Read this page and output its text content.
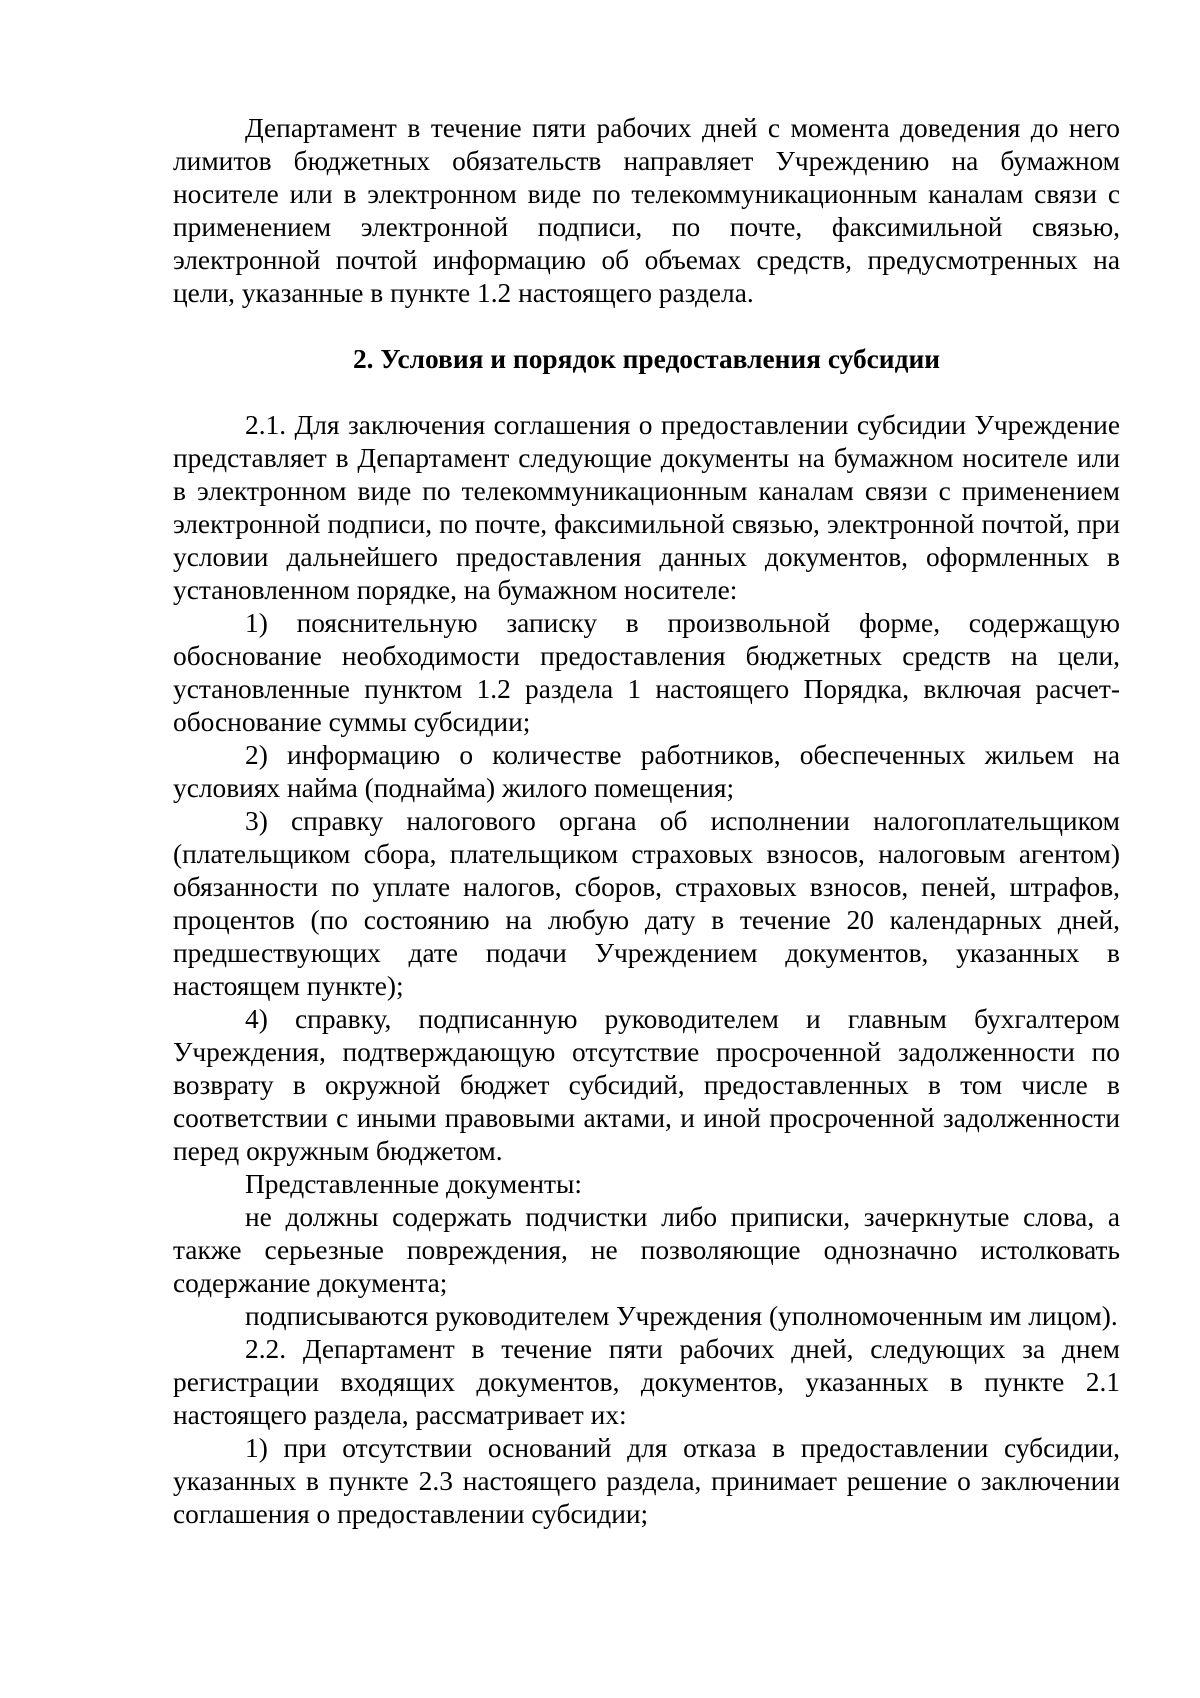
Департамент в течение пяти рабочих дней с момента доведения до него лимитов бюджетных обязательств направляет Учреждению на бумажном носителе или в электронном виде по телекоммуникационным каналам связи с применением электронной подписи, по почте, факсимильной связью, электронной почтой информацию об объемах средств, предусмотренных на цели, указанные в пункте 1.2 настоящего раздела.

2. Условия и порядок предоставления субсидии

2.1. Для заключения соглашения о предоставлении субсидии Учреждение представляет в Департамент следующие документы на бумажном носителе или в электронном виде по телекоммуникационным каналам связи с применением электронной подписи, по почте, факсимильной связью, электронной почтой, при условии дальнейшего предоставления данных документов, оформленных в установленном порядке, на бумажном носителе:

1) пояснительную записку в произвольной форме, содержащую обоснование необходимости предоставления бюджетных средств на цели, установленные пунктом 1.2 раздела 1 настоящего Порядка, включая расчет-обоснование суммы субсидии;

2) информацию о количестве работников, обеспеченных жильем на условиях найма (поднайма) жилого помещения;

3) справку налогового органа об исполнении налогоплательщиком (плательщиком сбора, плательщиком страховых взносов, налоговым агентом) обязанности по уплате налогов, сборов, страховых взносов, пеней, штрафов, процентов (по состоянию на любую дату в течение 20 календарных дней, предшествующих дате подачи Учреждением документов, указанных в настоящем пункте);

4) справку, подписанную руководителем и главным бухгалтером Учреждения, подтверждающую отсутствие просроченной задолженности по возврату в окружной бюджет субсидий, предоставленных в том числе в соответствии с иными правовыми актами, и иной просроченной задолженности перед окружным бюджетом.

Представленные документы:

не должны содержать подчистки либо приписки, зачеркнутые слова, а также серьезные повреждения, не позволяющие однозначно истолковать содержание документа;

подписываются руководителем Учреждения (уполномоченным им лицом).

2.2. Департамент в течение пяти рабочих дней, следующих за днем регистрации входящих документов, документов, указанных в пункте 2.1 настоящего раздела, рассматривает их:

1) при отсутствии оснований для отказа в предоставлении субсидии, указанных в пункте 2.3 настоящего раздела, принимает решение о заключении соглашения о предоставлении субсидии;
